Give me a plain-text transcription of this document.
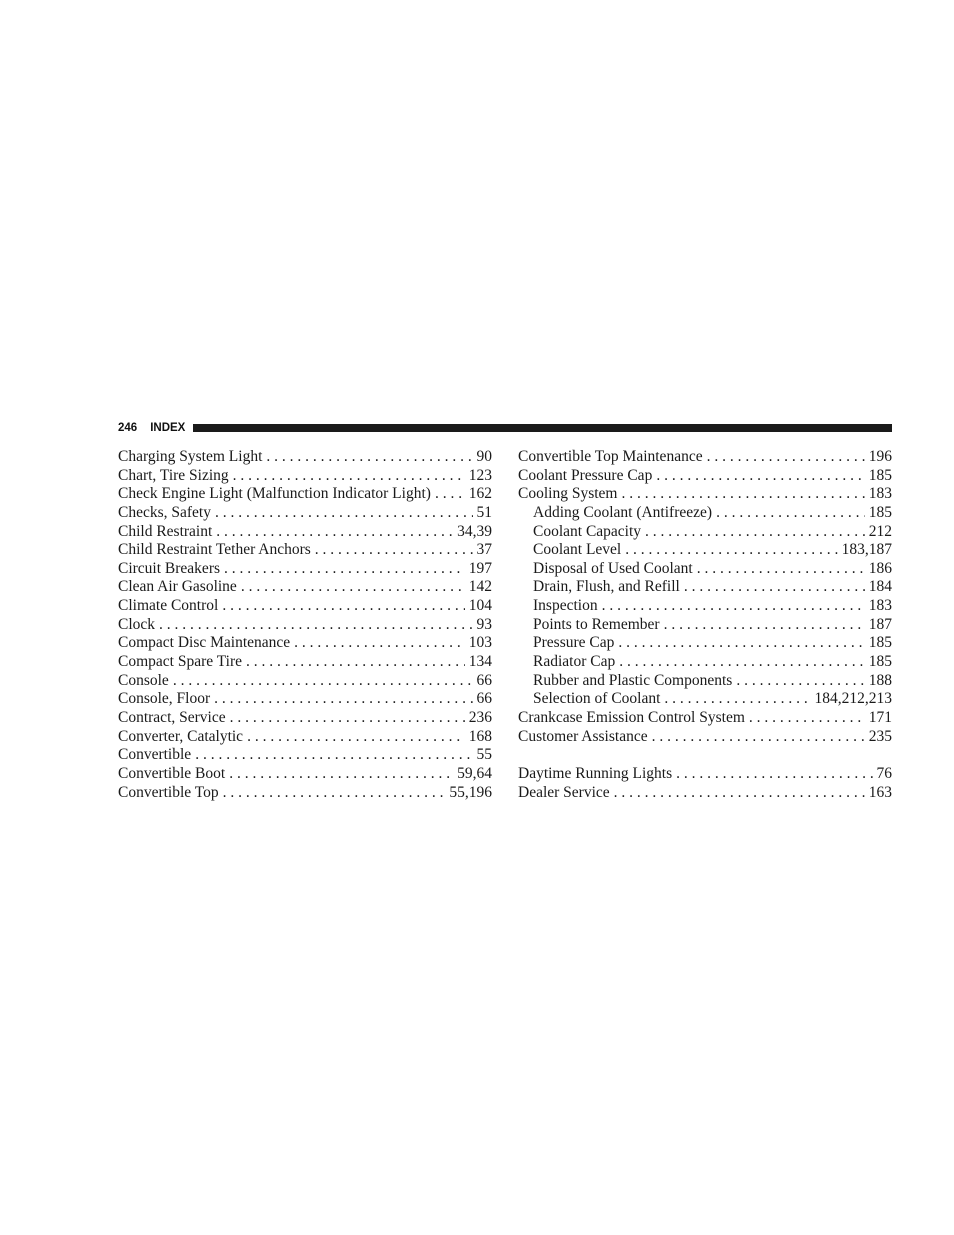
246 INDEX
Charging System Light . . .	90
Chart, Tire Sizing . . .	123
Check Engine Light (Malfunction Indicator Light) . . . 162
Checks, Safety . . .	51
Child Restraint . . .	34,39
Child Restraint Tether Anchors . . .	37
Circuit Breakers . . .	197
Clean Air Gasoline . . .	142
Climate Control . . .	104
Clock . . .	93
Compact Disc Maintenance . . .	103
Compact Spare Tire . . .	134
Console . . .	66
Console, Floor . . .	66
Contract, Service . . .	236
Converter, Catalytic . . .	168
Convertible . . .	55
Convertible Boot . . .	59,64
Convertible Top . . .	55,196
Convertible Top Maintenance . . .	196
Coolant Pressure Cap . . .	185
Cooling System . . .	183
Adding Coolant (Antifreeze) . . .	185
Coolant Capacity . . .	212
Coolant Level . . .	183,187
Disposal of Used Coolant . . .	186
Drain, Flush, and Refill . . .	184
Inspection . . .	183
Points to Remember . . .	187
Pressure Cap . . .	185
Radiator Cap . . .	185
Rubber and Plastic Components . . .	188
Selection of Coolant . . .	184,212,213
Crankcase Emission Control System . . .	171
Customer Assistance . . .	235
Daytime Running Lights . . .	76
Dealer Service . . .	163
